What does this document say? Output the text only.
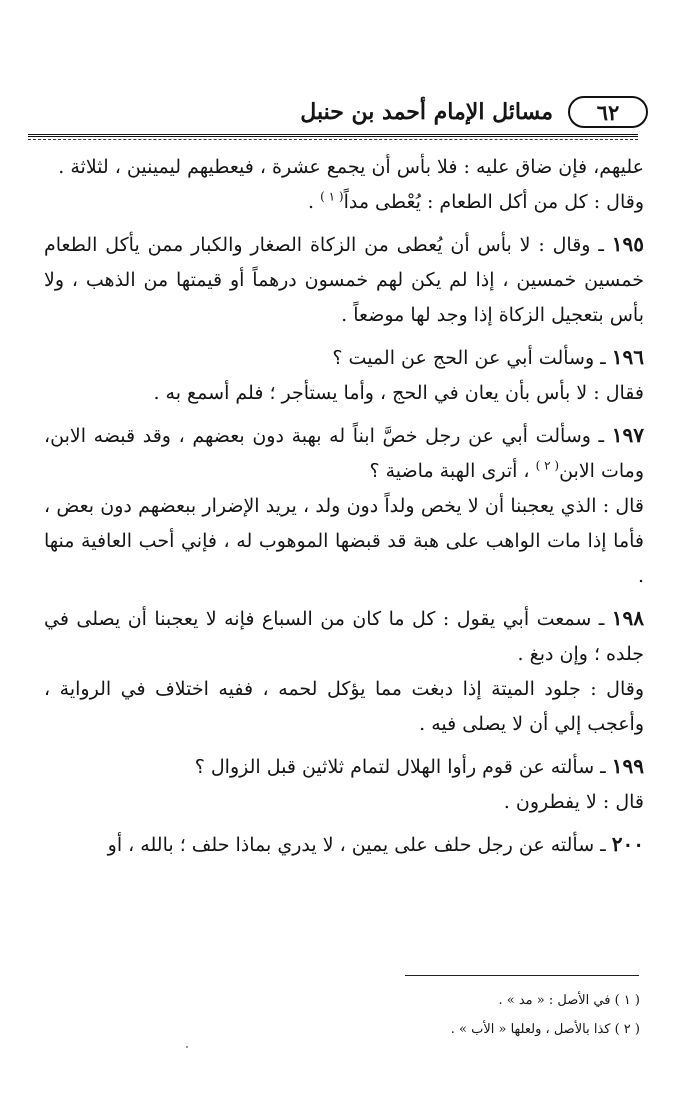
٦٢
مسائل الإمام أحمد بن حنبل

عليهم، فإن ضاق عليه : فلا بأس أن يجمع عشرة ، فيعطيهم ليمينين ، لثلاثة .

وقال : كل من أكل الطعام : يُعْطى مداً$^{( ١ )}$ .

١٩٥ ـ وقال : لا بأس أن يُعطى من الزكاة الصغار والكبار ممن يأكل الطعام خمسين خمسين ، إذا لم يكن لهم خمسون درهماً أو قيمتها من الذهب ، ولا بأس بتعجيل الزكاة إذا وجد لها موضعاً .

١٩٦ ـ وسألت أبي عن الحج عن الميت ؟

فقال : لا بأس بأن يعان في الحج ، وأما يستأجر ؛ فلم أسمع به .

١٩٧ ـ وسألت أبي عن رجل خصَّ ابناً له بهبة دون بعضهم ، وقد قبضه الابن، ومات الابن$^{( ٢ )}$ ، أترى الهبة ماضية ؟

قال : الذي يعجبنا أن لا يخص ولداً دون ولد ، يريد الإضرار ببعضهم دون بعض ، فأما إذا مات الواهب على هبة قد قبضها الموهوب له ، فإني أحب العافية منها .

١٩٨ ـ سمعت أبي يقول : كل ما كان من السباع فإنه لا يعجبنا أن يصلى في جلده ؛ وإن دبغ .

وقال : جلود الميتة إذا دبغت مما يؤكل لحمه ، ففيه اختلاف في الرواية ، وأعجب إلي أن لا يصلى فيه .

١٩٩ ـ سألته عن قوم رأوا الهلال لتمام ثلاثين قبل الزوال ؟

قال : لا يفطرون .

٢٠٠ ـ سألته عن رجل حلف على يمين ، لا يدري بماذا حلف ؛ بالله ، أو

( ١ ) في الأصل : « مد » .

( ٢ ) كذا بالأصل ، ولعلها « الأب » .
